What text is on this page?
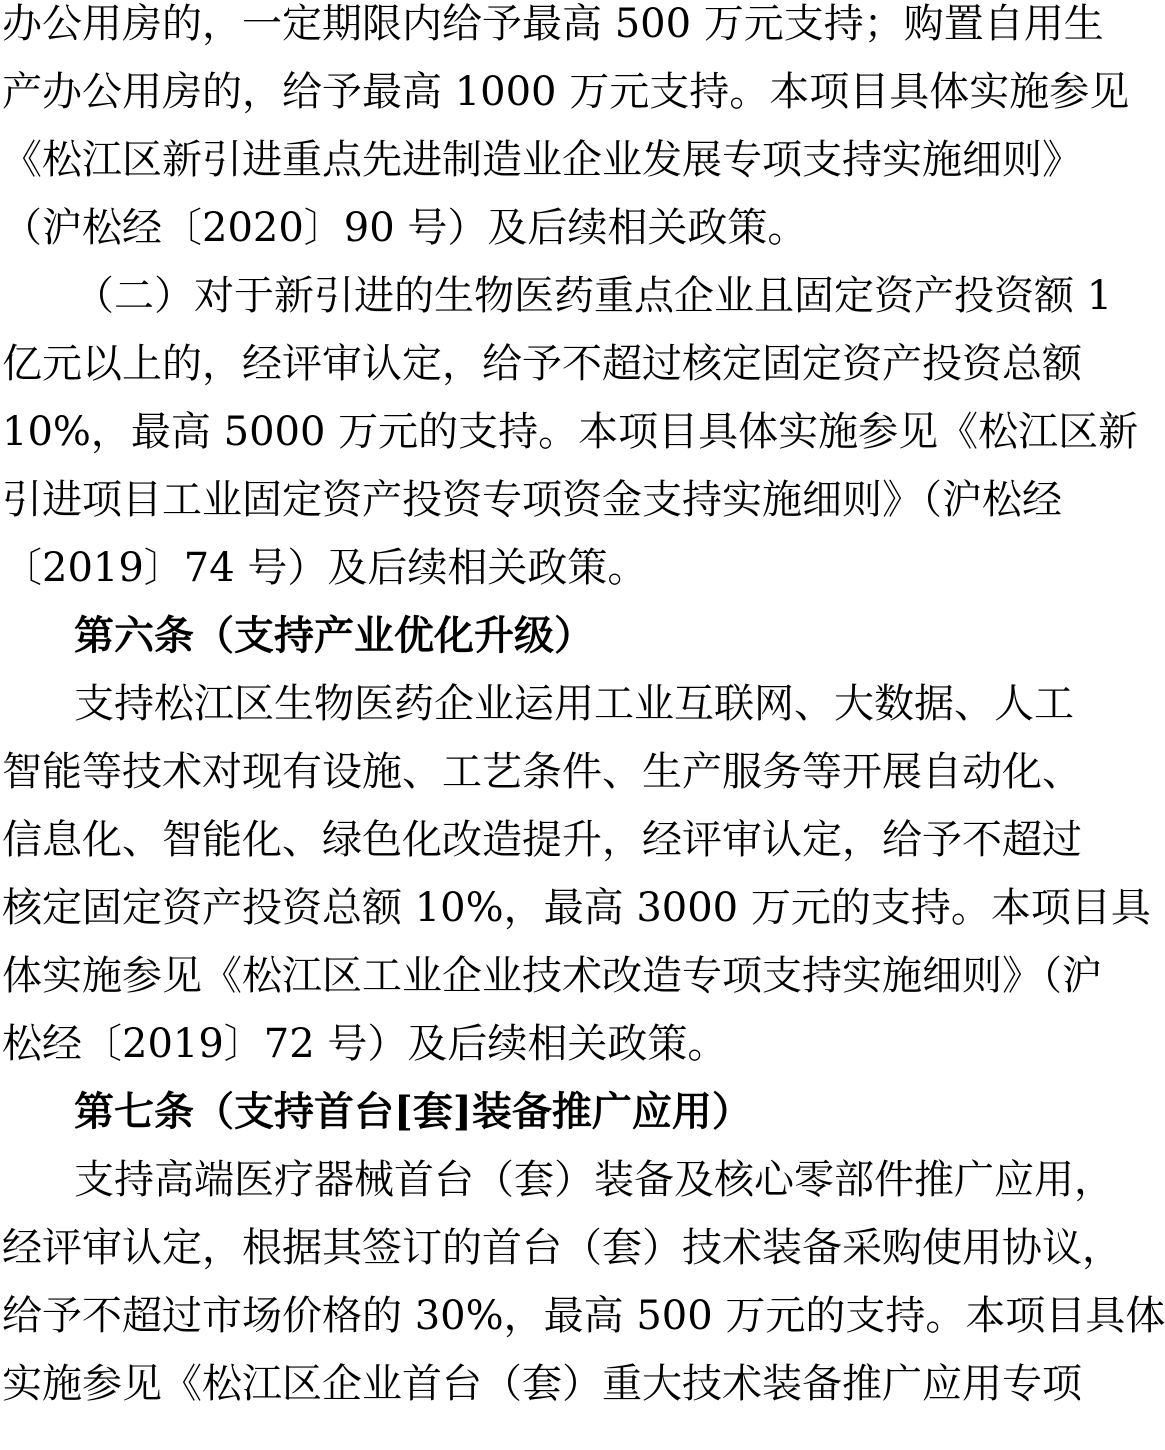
办公用房的，一定期限内给予最高 500 万元支持；购置自用生
产办公用房的，给予最高 1000 万元支持。本项目具体实施参见
《松江区新引进重点先进制造业企业发展专项支持实施细则》
（沪松经〔2020〕90 号）及后续相关政策。
（二）对于新引进的生物医药重点企业且固定资产投资额 1
亿元以上的，经评审认定，给予不超过核定固定资产投资总额
10%，最高 5000 万元的支持。本项目具体实施参见《松江区新
引进项目工业固定资产投资专项资金支持实施细则》（沪松经
〔2019〕74 号）及后续相关政策。
第六条（支持产业优化升级）
支持松江区生物医药企业运用工业互联网、大数据、人工
智能等技术对现有设施、工艺条件、生产服务等开展自动化、
信息化、智能化、绿色化改造提升，经评审认定，给予不超过
核定固定资产投资总额 10%，最高 3000 万元的支持。本项目具
体实施参见《松江区工业企业技术改造专项支持实施细则》（沪
松经〔2019〕72 号）及后续相关政策。
第七条（支持首台[套]装备推广应用）
支持高端医疗器械首台（套）装备及核心零部件推广应用，
经评审认定，根据其签订的首台（套）技术装备采购使用协议，
给予不超过市场价格的 30%，最高 500 万元的支持。本项目具体
实施参见《松江区企业首台（套）重大技术装备推广应用专项
